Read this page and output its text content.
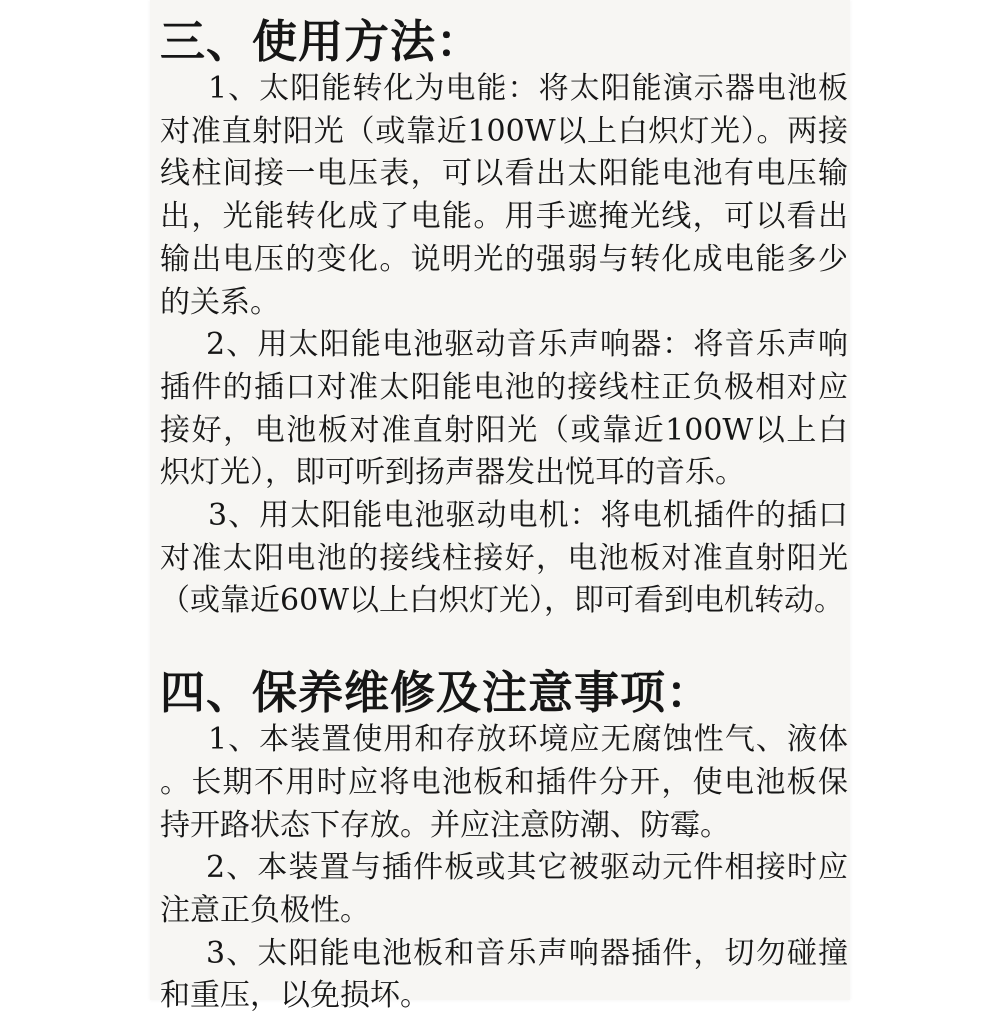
三、使用方法：

1、太阳能转化为电能：将太阳能演示器电池板对准直射阳光（或靠近100W以上白炽灯光）。两接线柱间接一电压表，可以看出太阳能电池有电压输出，光能转化成了电能。用手遮掩光线，可以看出输出电压的变化。说明光的强弱与转化成电能多少的关系。

2、用太阳能电池驱动音乐声响器：将音乐声响插件的插口对准太阳能电池的接线柱正负极相对应接好，电池板对准直射阳光（或靠近100W以上白炽灯光），即可听到扬声器发出悦耳的音乐。

3、用太阳能电池驱动电机：将电机插件的插口对准太阳电池的接线柱接好，电池板对准直射阳光（或靠近60W以上白炽灯光），即可看到电机转动。

四、保养维修及注意事项：

1、本装置使用和存放环境应无腐蚀性气、液体。长期不用时应将电池板和插件分开，使电池板保持开路状态下存放。并应注意防潮、防霉。

2、本装置与插件板或其它被驱动元件相接时应注意正负极性。

3、太阳能电池板和音乐声响器插件，切勿碰撞和重压，以免损坏。
